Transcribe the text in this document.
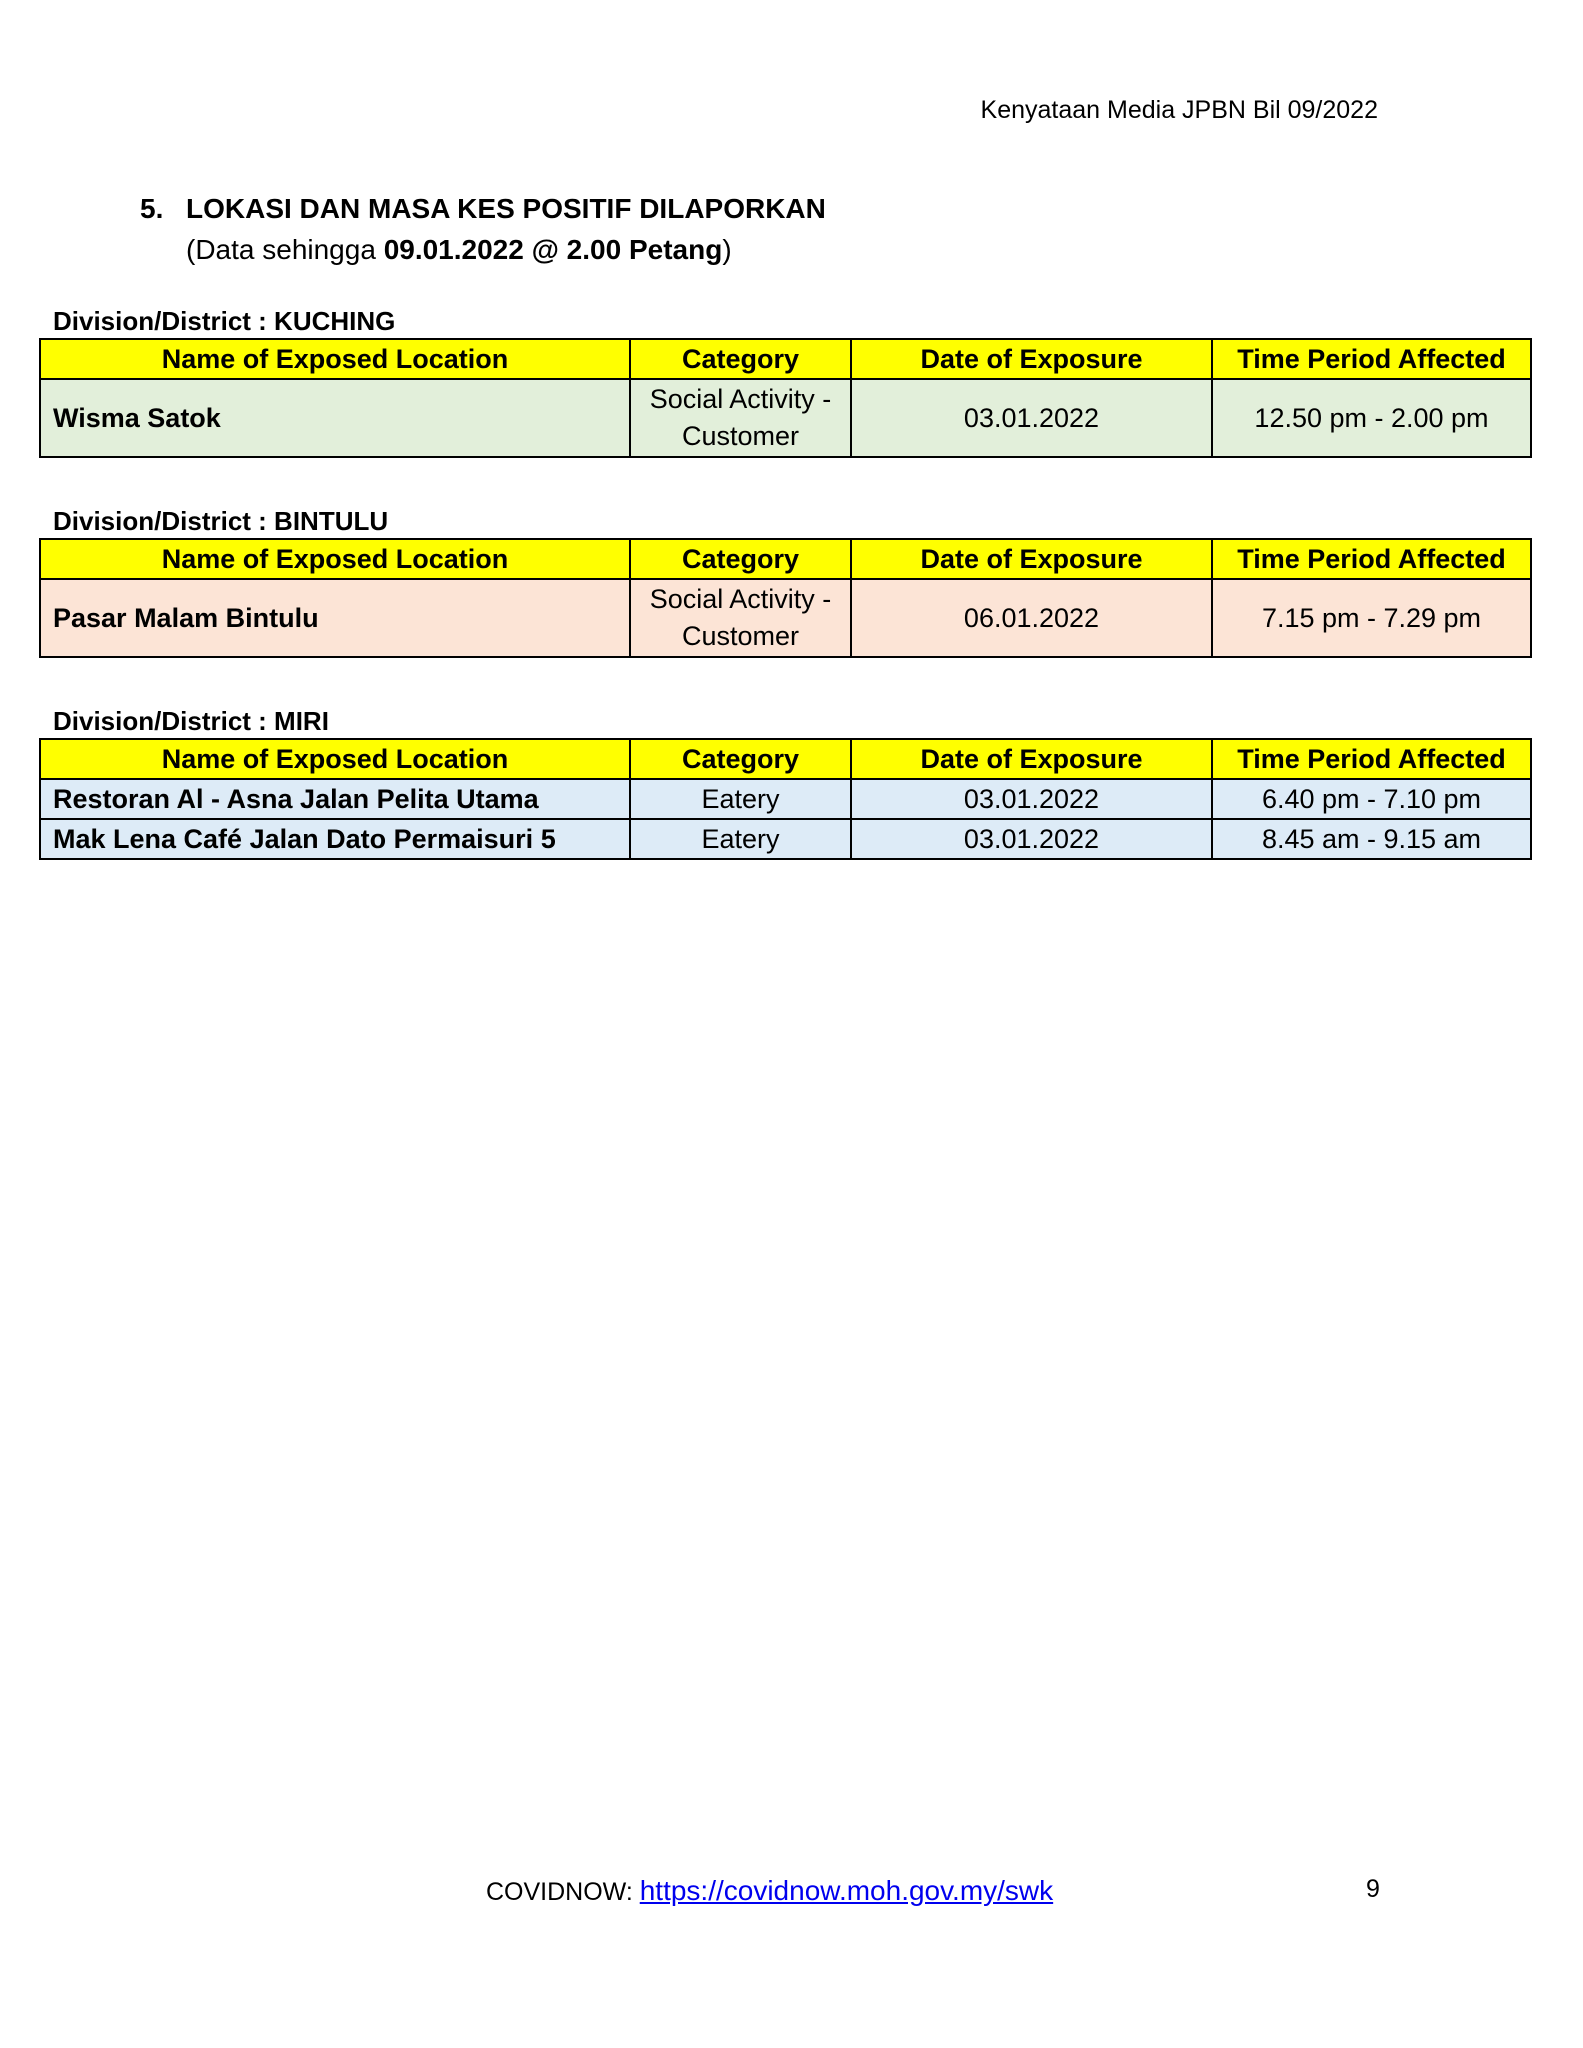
Kenyataan Media JPBN Bil 09/2022
5. LOKASI DAN MASA KES POSITIF DILAPORKAN
(Data sehingga 09.01.2022 @ 2.00 Petang)
Division/District : KUCHING
Name of Exposed Location	Category	Date of Exposure	Time Period Affected
Wisma Satok	Social Activity - Customer	03.01.2022	12.50 pm - 2.00 pm
Division/District : BINTULU
Name of Exposed Location	Category	Date of Exposure	Time Period Affected
Pasar Malam Bintulu	Social Activity - Customer	06.01.2022	7.15 pm - 7.29 pm
Division/District : MIRI
Name of Exposed Location	Category	Date of Exposure	Time Period Affected
Restoran Al - Asna Jalan Pelita Utama	Eatery	03.01.2022	6.40 pm - 7.10 pm
Mak Lena Café Jalan Dato Permaisuri 5	Eatery	03.01.2022	8.45 am - 9.15 am
COVIDNOW: https://covidnow.moh.gov.my/swk	9
